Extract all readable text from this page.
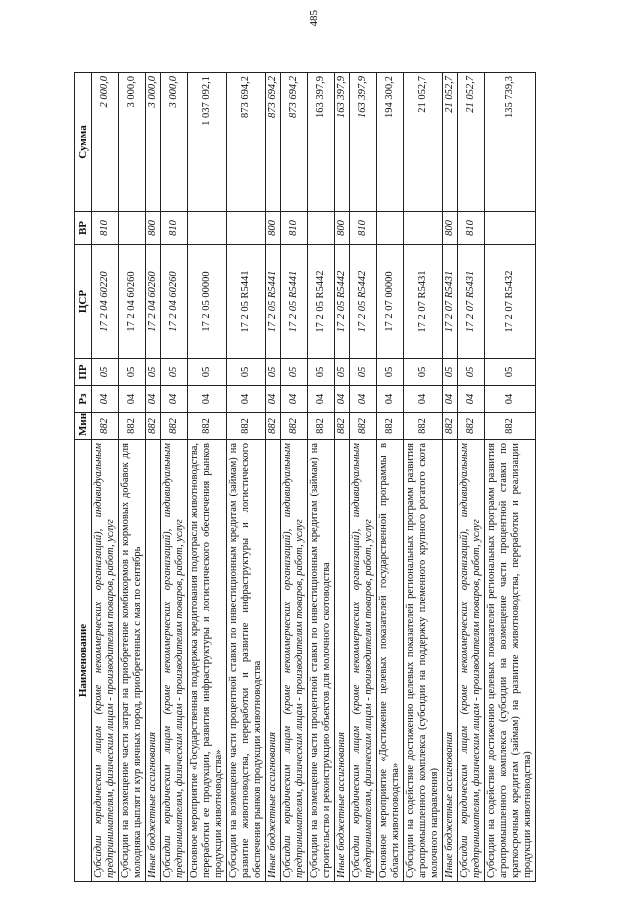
485
Наименование	Мин	Рз	ПР	ЦСР	ВР	Сумма
Субсидии юридическим лицам (кроме некоммерческих организаций), индивидуальным предпринимателям, физическим лицам - производителям товаров, работ, услуг	882	04	05	17 2 04 60220	810	2 000,0
Субсидии на возмещение части затрат на приобретение комбикормов и кормовых добавок для молодняка цыплят и кур яичных пород, приобретенных с мая по сентябрь	882	04	05	17 2 04 60260		3 000,0
Иные бюджетные ассигнования	882	04	05	17 2 04 60260	800	3 000,0
Субсидии юридическим лицам (кроме некоммерческих организаций), индивидуальным предпринимателям, физическим лицам - производителям товаров, работ, услуг	882	04	05	17 2 04 60260	810	3 000,0
Основное мероприятие «Государственная поддержка кредитования подотрасли животноводства, переработки ее продукции, развития инфраструктуры и логистического обеспечения рынков продукции животноводства»	882	04	05	17 2 05 00000		1 037 092,1
Субсидии на возмещение части процентной ставки по инвестиционным кредитам (займам) на развитие животноводства, переработки и развитие инфраструктуры и логистического обеспечения рынков продукции животноводства	882	04	05	17 2 05 R5441		873 694,2
Иные бюджетные ассигнования	882	04	05	17 2 05 R5441	800	873 694,2
Субсидии юридическим лицам (кроме некоммерческих организаций), индивидуальным предпринимателям, физическим лицам - производителям товаров, работ, услуг	882	04	05	17 2 05 R5441	810	873 694,2
Субсидии на возмещение части процентной ставки по инвестиционным кредитам (займам) на строительство и реконструкцию объектов для молочного скотоводства	882	04	05	17 2 05 R5442		163 397,9
Иные бюджетные ассигнования	882	04	05	17 2 05 R5442	800	163 397,9
Субсидии юридическим лицам (кроме некоммерческих организаций), индивидуальным предпринимателям, физическим лицам - производителям товаров, работ, услуг	882	04	05	17 2 05 R5442	810	163 397,9
Основное мероприятие «Достижение целевых показателей государственной программы в области животноводства»	882	04	05	17 2 07 00000		194 300,2
Субсидии на содействие достижению целевых показателей региональных программ развития агропромышленного комплекса (субсидии на поддержку племенного крупного рогатого скота молочного направления)	882	04	05	17 2 07 R5431		21 052,7
Иные бюджетные ассигнования	882	04	05	17 2 07 R5431	800	21 052,7
Субсидии юридическим лицам (кроме некоммерческих организаций), индивидуальным предпринимателям, физическим лицам - производителям товаров, работ, услуг	882	04	05	17 2 07 R5431	810	21 052,7
Субсидии на содействие достижению целевых показателей региональных программ развития агропромышленного комплекса (субсидии на возмещение части процентной ставки по краткосрочным кредитам (займам) на развитие животноводства, переработки и реализации продукции животноводства)	882	04	05	17 2 07 R5432		135 739,3
